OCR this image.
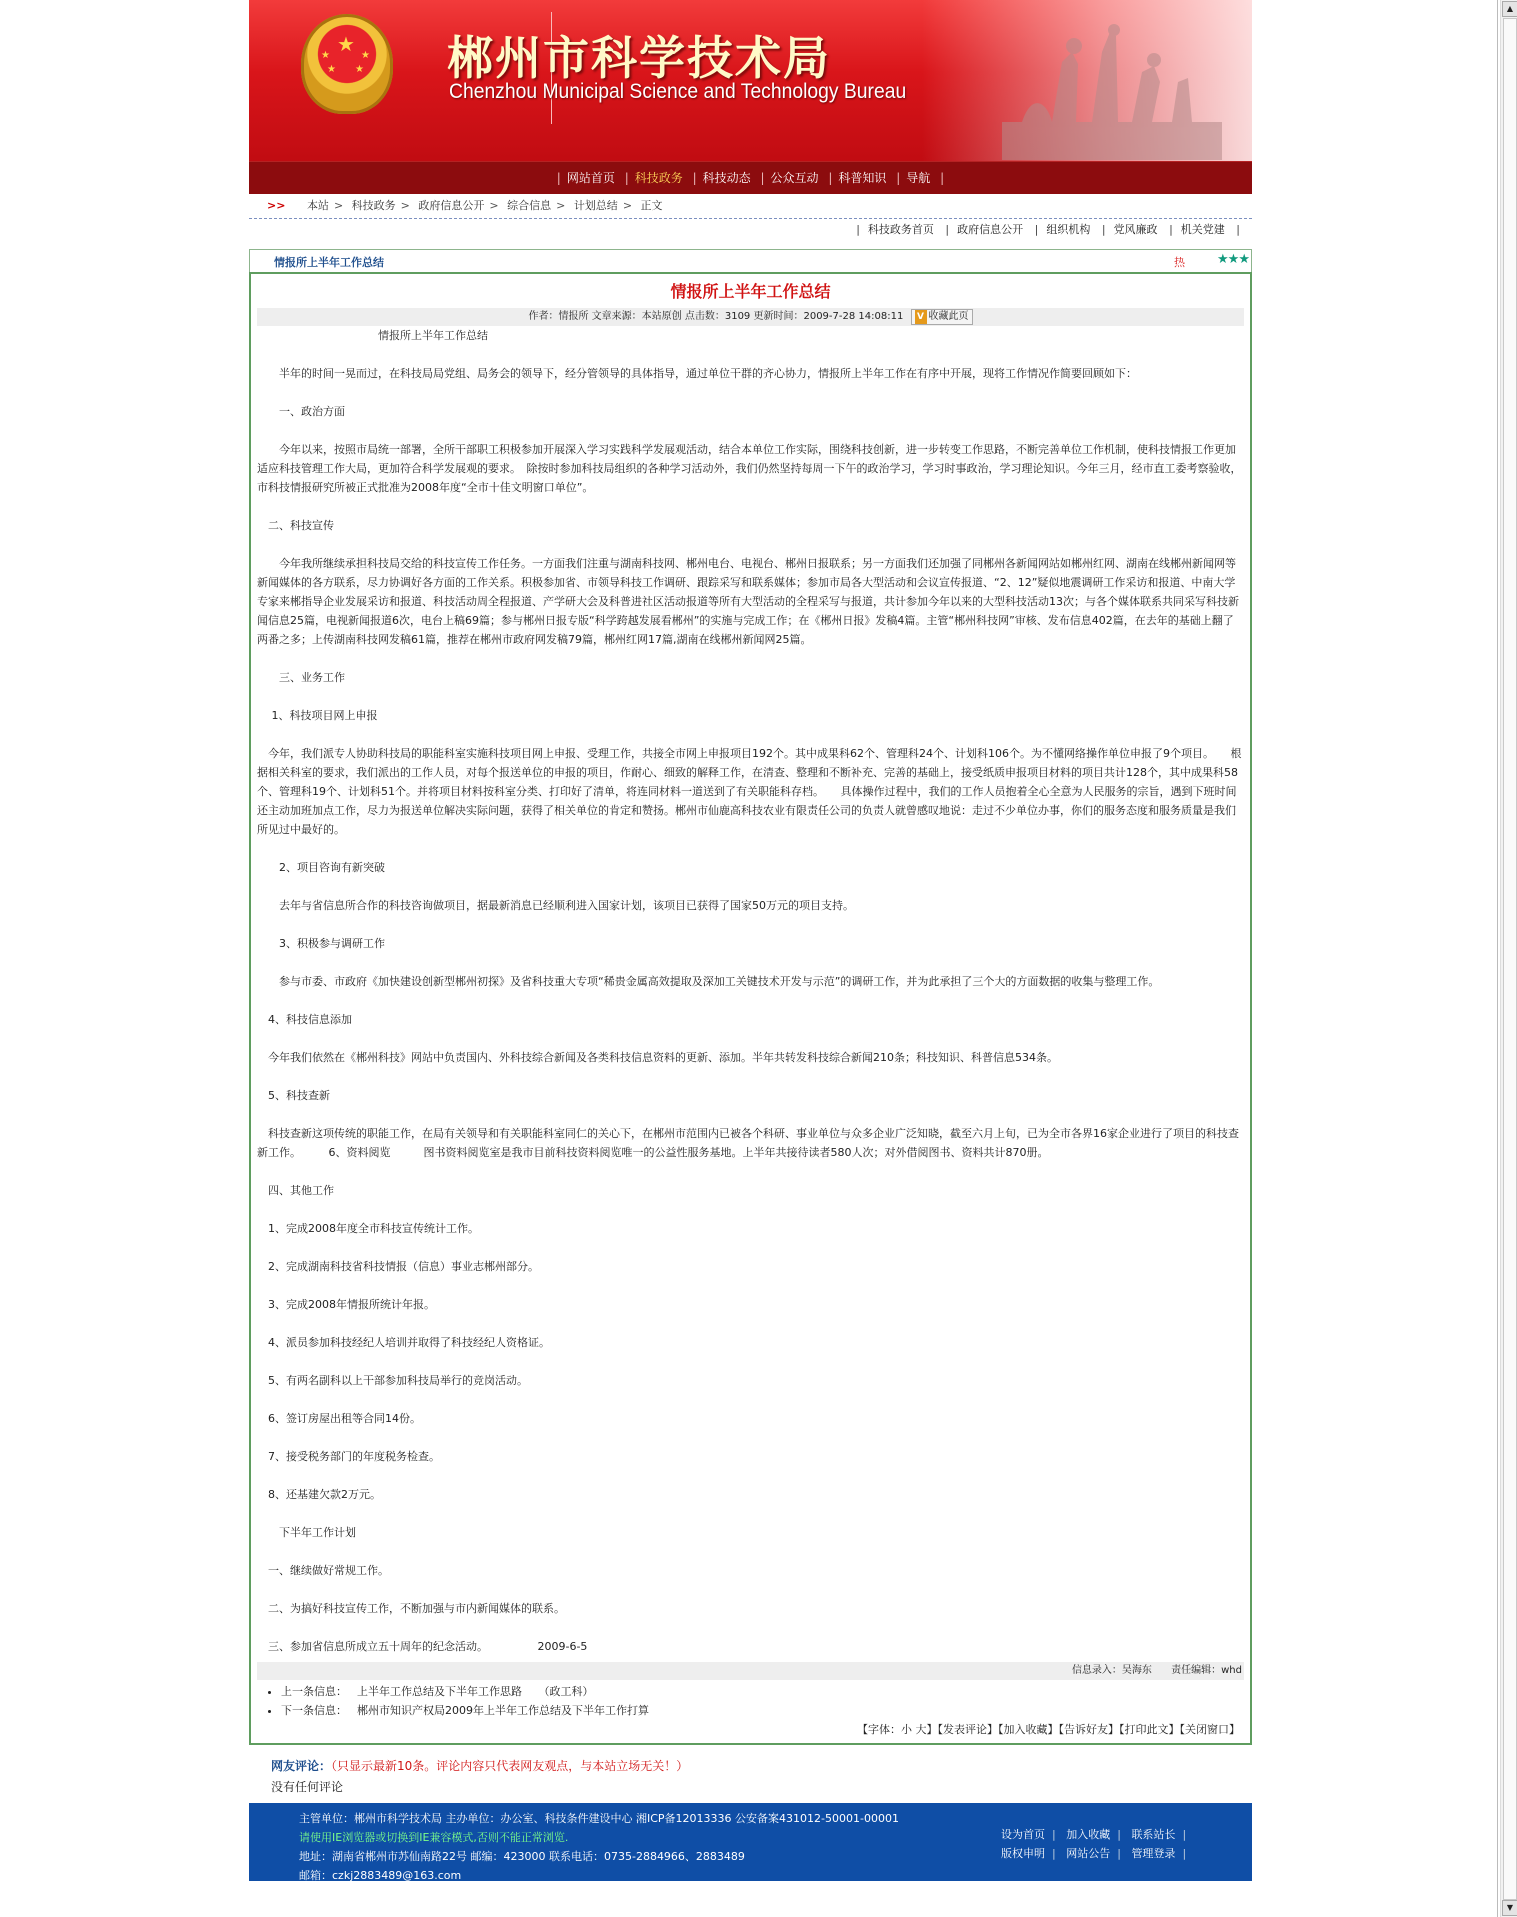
★
★	★
★ ★ 郴州市科学技术局
Chenzhou Municipal Science and Technology Bureau
| 网站首页 | 科技政务 | 科技动态 | 公众互动 | 科普知识 | 导航 |
>> 本站 > 科技政务 > 政府信息公开 > 综合信息 > 计划总结 > 正文
| 科技政务首页 | 政府信息公开 | 组织机构 | 党风廉政 | 机关党建 |
情报所上半年工作总结	热 ★★★
情报所上半年工作总结
作者：情报所 文章来源：本站原创 点击数：3109 更新时间：2009-7-28 14:08:11 V 收藏此页

　　　　　　　　　　　情报所上半年工作总结

　　半年的时间一晃而过，在科技局局党组、局务会的领导下，经分管领导的具体指导，通过单位干群的齐心协力，情报所上半年工作在有序中开展，现将工作情况作简要回顾如下：

　　一、政治方面

　　今年以来，按照市局统一部署，全所干部职工积极参加开展深入学习实践科学发展观活动，结合本单位工作实际，围绕科技创新，进一步转变工作思路，不断完善单位工作机制，使科技情报工作更加适应科技管理工作大局，更加符合科学发展观的要求。　除按时参加科技局组织的各种学习活动外，我们仍然坚持每周一下午的政治学习，学习时事政治，学习理论知识。今年三月，经市直工委考察验收，市科技情报研究所被正式批准为2008年度“全市十佳文明窗口单位”。

　二、科技宣传

　　今年我所继续承担科技局交给的科技宣传工作任务。一方面我们注重与湖南科技网、郴州电台、电视台、郴州日报联系；另一方面我们还加强了同郴州各新闻网站如郴州红网、湖南在线郴州新闻网等新闻媒体的各方联系，尽力协调好各方面的工作关系。积极参加省、市领导科技工作调研、跟踪采写和联系媒体；参加市局各大型活动和会议宣传报道、“2、12”疑似地震调研工作采访和报道、中南大学专家来郴指导企业发展采访和报道、科技活动周全程报道、产学研大会及科普进社区活动报道等所有大型活动的全程采写与报道，共计参加今年以来的大型科技活动13次；与各个媒体联系共同采写科技新闻信息25篇，电视新闻报道6次，电台上稿69篇；参与郴州日报专版“科学跨越发展看郴州”的实施与完成工作；在《郴州日报》发稿4篇。主管“郴州科技网”审核、发布信息402篇，在去年的基础上翻了两番之多；上传湖南科技网发稿61篇，推荐在郴州市政府网发稿79篇，郴州红网17篇,湖南在线郴州新闻网25篇。

　　三、业务工作

　 1、科技项目网上申报

　今年，我们派专人协助科技局的职能科室实施科技项目网上申报、受理工作，共接全市网上申报项目192个。其中成果科62个、管理科24个、计划科106个。为不懂网络操作单位申报了9个项目。　　根据相关科室的要求，我们派出的工作人员，对每个报送单位的申报的项目，作耐心、细致的解释工作，在清查、整理和不断补充、完善的基础上，接受纸质申报项目材料的项目共计128个，其中成果科58个、管理科19个、计划科51个。并将项目材料按科室分类、打印好了清单，将连同材料一道送到了有关职能科存档。　　具体操作过程中，我们的工作人员抱着全心全意为人民服务的宗旨，遇到下班时间还主动加班加点工作，尽力为报送单位解决实际问题，获得了相关单位的肯定和赞扬。郴州市仙鹿高科技农业有限责任公司的负责人就曾感叹地说：走过不少单位办事，你们的服务态度和服务质量是我们所见过中最好的。

　　2、项目咨询有新突破

　　去年与省信息所合作的科技咨询做项目，据最新消息已经顺利进入国家计划，该项目已获得了国家50万元的项目支持。

　　3、积极参与调研工作

　　参与市委、市政府《加快建设创新型郴州初探》及省科技重大专项“稀贵金属高效提取及深加工关键技术开发与示范”的调研工作，并为此承担了三个大的方面数据的收集与整理工作。

　4、科技信息添加

　今年我们依然在《郴州科技》网站中负责国内、外科技综合新闻及各类科技信息资料的更新、添加。半年共转发科技综合新闻210条；科技知识、科普信息534条。

　5、科技查新

　科技查新这项传统的职能工作，在局有关领导和有关职能科室同仁的关心下，在郴州市范围内已被各个科研、事业单位与众多企业广泛知晓，截至六月上旬，已为全市各界16家企业进行了项目的科技查新工作。　　　6、资料阅览　　　图书资料阅览室是我市目前科技资料阅览唯一的公益性服务基地。上半年共接待读者580人次；对外借阅图书、资料共计870册。

　四、其他工作

　1、完成2008年度全市科技宣传统计工作。

　2、完成湖南科技省科技情报（信息）事业志郴州部分。

　3、完成2008年情报所统计年报。

　4、派员参加科技经纪人培训并取得了科技经纪人资格证。

　5、有两名副科以上干部参加科技局举行的竞岗活动。

　6、签订房屋出租等合同14份。

　7、接受税务部门的年度税务检查。

　8、还基建欠款2万元。

　　下半年工作计划

　一、继续做好常规工作。

　二、为搞好科技宣传工作，不断加强与市内新闻媒体的联系。

　三、参加省信息所成立五十周年的纪念活动。　　　　　2009-6-5

信息录入：吴海东 责任编辑：whd
• 上一条信息： 上半年工作总结及下半年工作思路　　（政工科）
• 下一条信息： 郴州市知识产权局2009年上半年工作总结及下半年工作打算
【字体：小 大】【发表评论】【加入收藏】【告诉好友】【打印此文】【关闭窗口】
网友评论：（只显示最新10条。评论内容只代表网友观点，与本站立场无关！）
没有任何评论
主管单位：郴州市科学技术局 主办单位：办公室、科技条件建设中心 湘ICP备12013336 公安备案431012-50001-00001
请使用IE浏览器或切换到IE兼容模式,否则不能正常浏览.
地址：湖南省郴州市苏仙南路22号 邮编：423000 联系电话：0735-2884966、2883489
邮箱：czkj2883489@163.com
设为首页 | 加入收藏 | 联系站长 |
版权申明 | 网站公告 | 管理登录 |
▲
▼
